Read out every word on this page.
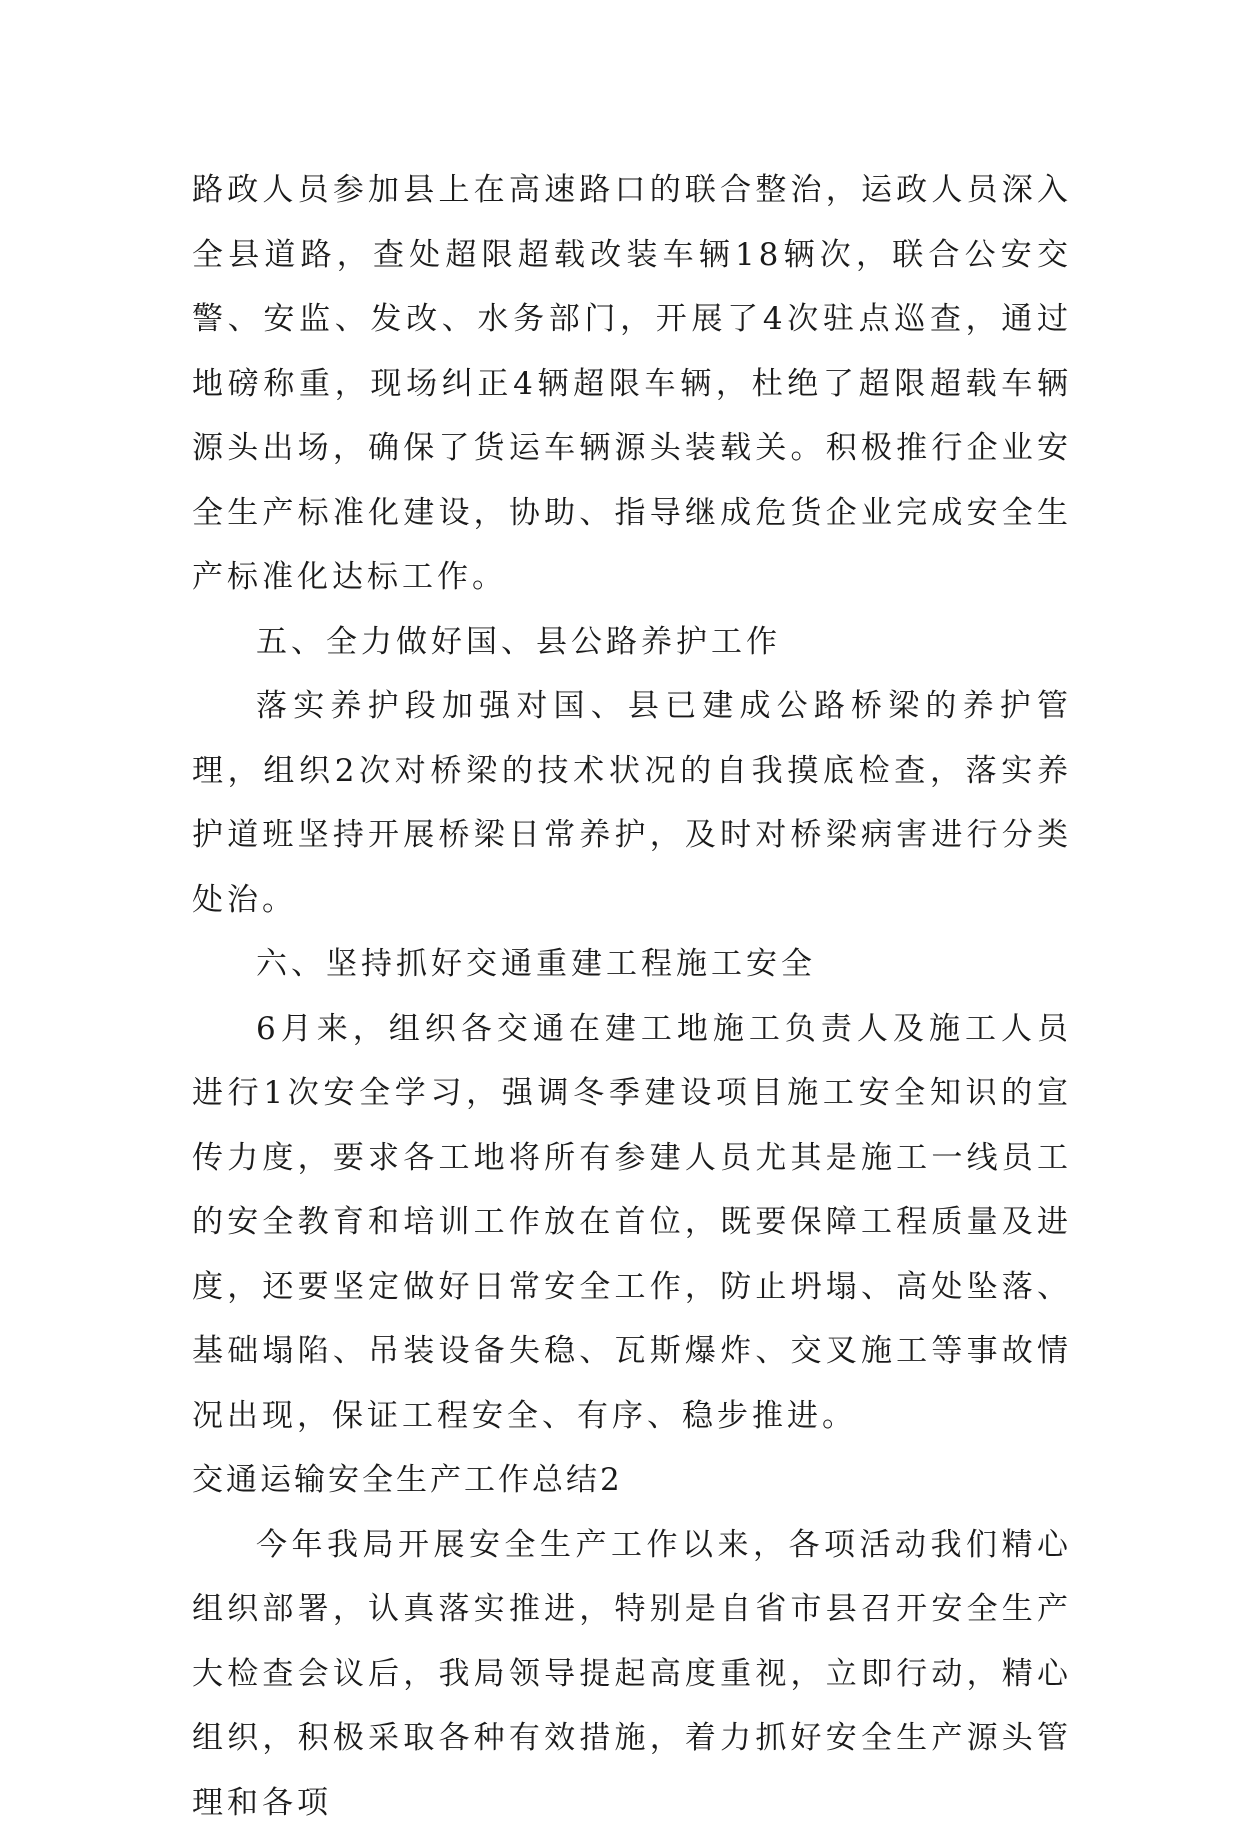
路政人员参加县上在高速路口的联合整治，运政人员深入全县道路，查处超限超载改装车辆18辆次，联合公安交警、安监、发改、水务部门，开展了4次驻点巡查，通过地磅称重，现场纠正4辆超限车辆，杜绝了超限超载车辆源头出场，确保了货运车辆源头装载关。积极推行企业安全生产标准化建设，协助、指导继成危货企业完成安全生产标准化达标工作。

五、全力做好国、县公路养护工作

落实养护段加强对国、县已建成公路桥梁的养护管理，组织2次对桥梁的技术状况的自我摸底检查，落实养护道班坚持开展桥梁日常养护，及时对桥梁病害进行分类处治。

六、坚持抓好交通重建工程施工安全

6月来，组织各交通在建工地施工负责人及施工人员进行1次安全学习，强调冬季建设项目施工安全知识的宣传力度，要求各工地将所有参建人员尤其是施工一线员工的安全教育和培训工作放在首位，既要保障工程质量及进度，还要坚定做好日常安全工作，防止坍塌、高处坠落、基础塌陷、吊装设备失稳、瓦斯爆炸、交叉施工等事故情况出现，保证工程安全、有序、稳步推进。

交通运输安全生产工作总结2

今年我局开展安全生产工作以来，各项活动我们精心组织部署，认真落实推进，特别是自省市县召开安全生产大检查会议后，我局领导提起高度重视，立即行动，精心组织，积极采取各种有效措施，着力抓好安全生产源头管理和各项
